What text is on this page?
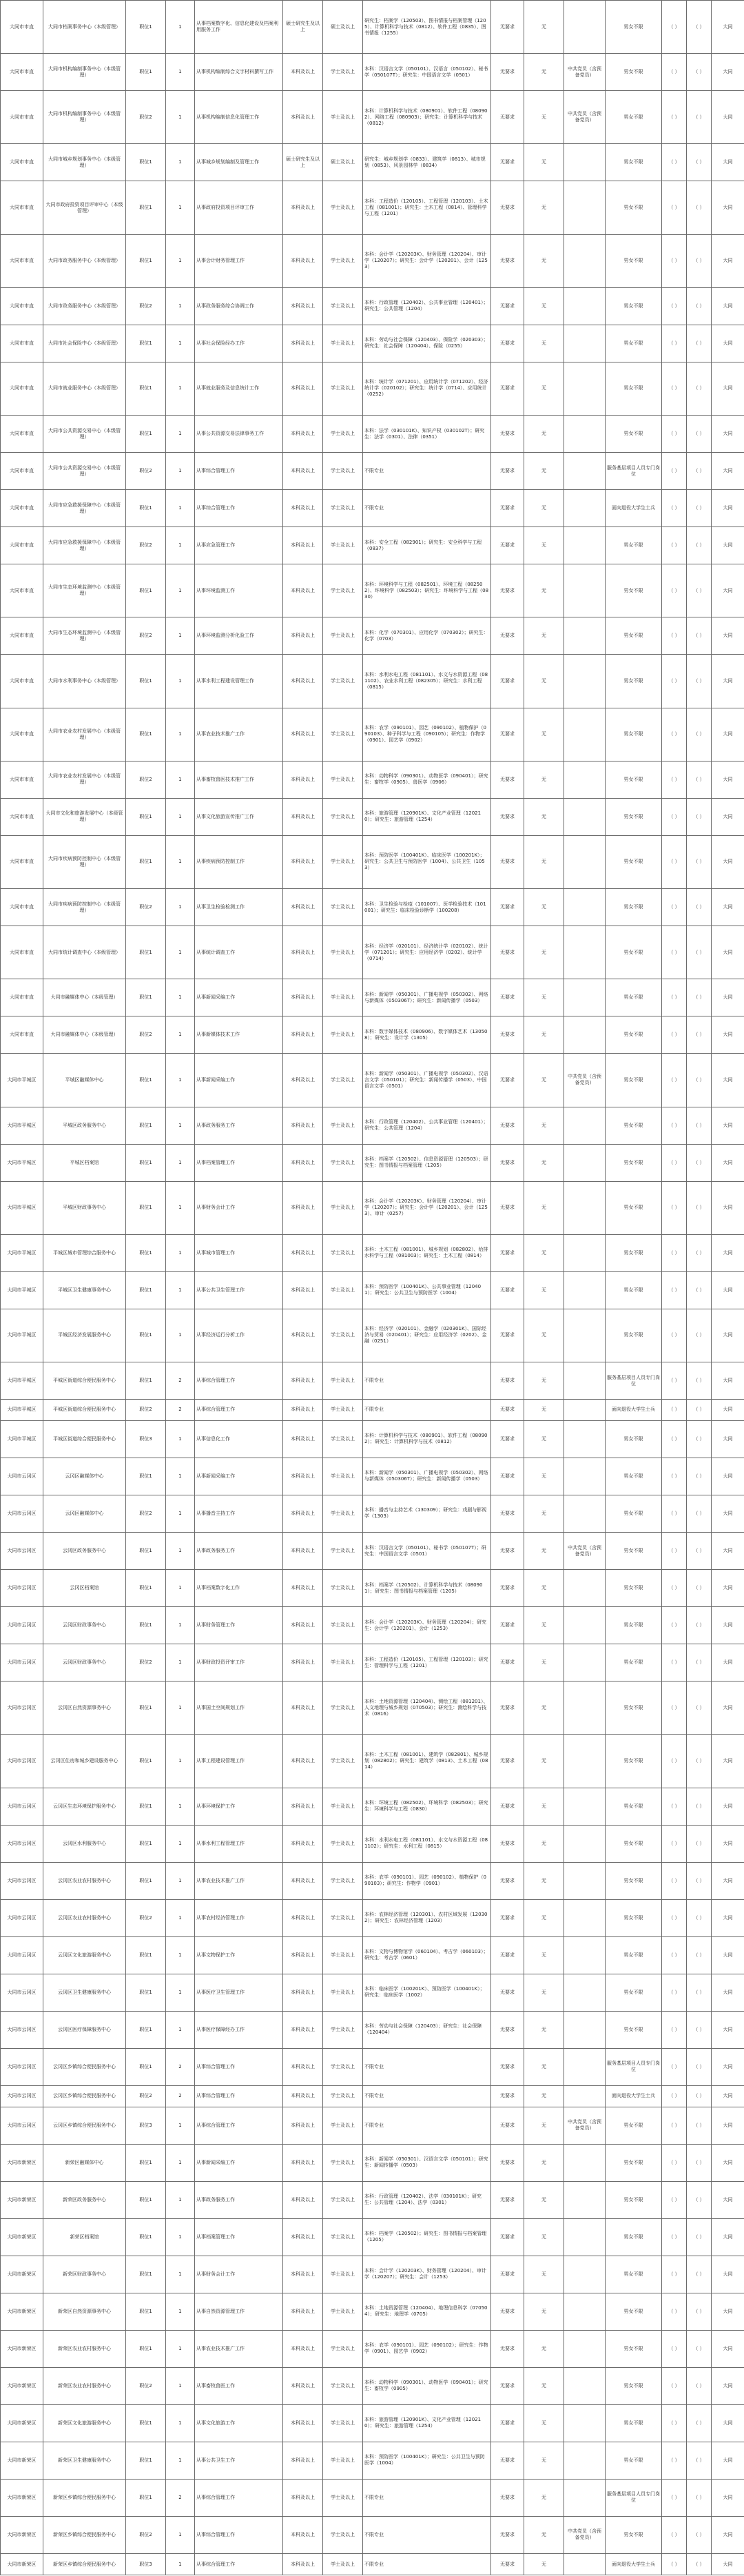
大同市市直	大同市档案事务中心（本级管理）	职位1	1	从事档案数字化、信息化建设及档案利用服务工作	硕士研究生及以上	硕士及以上	研究生：档案学（120503）、图书情报与档案管理（1205）、计算机科学与技术（0812）、软件工程（0835）、图书情报（1255）	无要求	无		男女不限	（ ）	（ ）	大同
大同市市直	大同市机构编制事务中心（本级管理）	职位1	1	从事机构编制综合文字材料撰写工作	本科及以上	学士及以上	本科：汉语言文学（050101）、汉语言（050102）、秘书学（050107T）；研究生：中国语言文学（0501）	无要求	无	中共党员（含预备党员）	男女不限	（ ）	（ ）	大同
大同市市直	大同市机构编制事务中心（本级管理）	职位2	1	从事机构编制信息化管理工作	本科及以上	学士及以上	本科：计算机科学与技术（080901）、软件工程（080902）、网络工程（080903）；研究生：计算机科学与技术（0812）	无要求	无	中共党员（含预备党员）	男女不限	（ ）	（ ）	大同
大同市市直	大同市城乡规划事务中心（本级管理）	职位1	1	从事城乡规划编制及管理工作	硕士研究生及以上	硕士及以上	研究生：城乡规划学（0833）、建筑学（0813）、城市规划（0853）、风景园林学（0834）	无要求	无		男女不限	（ ）	（ ）	大同
大同市市直	大同市政府投资项目评审中心（本级管理）	职位1	1	从事政府投资项目评审工作	本科及以上	学士及以上	本科：工程造价（120105）、工程管理（120103）、土木工程（081001）；研究生：土木工程（0814）、管理科学与工程（1201）	无要求	无		男女不限	（ ）	（ ）	大同
大同市市直	大同市政务服务中心（本级管理）	职位1	1	从事会计财务管理工作	本科及以上	学士及以上	本科：会计学（120203K）、财务管理（120204）、审计学（120207）；研究生：会计学（120201）、会计（1253）	无要求	无		男女不限	（ ）	（ ）	大同
大同市市直	大同市政务服务中心（本级管理）	职位2	1	从事政务服务综合协调工作	本科及以上	学士及以上	本科：行政管理（120402）、公共事业管理（120401）；研究生：公共管理（1204）	无要求	无		男女不限	（ ）	（ ）	大同
大同市市直	大同市社会保险中心（本级管理）	职位1	1	从事社会保险经办工作	本科及以上	学士及以上	本科：劳动与社会保障（120403）、保险学（020303）；研究生：社会保障（120404）、保险（0255）	无要求	无		男女不限	（ ）	（ ）	大同
大同市市直	大同市就业服务中心（本级管理）	职位1	1	从事就业服务及信息统计工作	本科及以上	学士及以上	本科：统计学（071201）、应用统计学（071202）、经济统计学（020102）；研究生：统计学（0714）、应用统计（0252）	无要求	无		男女不限	（ ）	（ ）	大同
大同市市直	大同市公共资源交易中心（本级管理）	职位1	1	从事公共资源交易法律事务工作	本科及以上	学士及以上	本科：法学（030101K）、知识产权（030102T）；研究生：法学（0301）、法律（0351）	无要求	无		男女不限	（ ）	（ ）	大同
大同市市直	大同市公共资源交易中心（本级管理）	职位2	1	从事综合管理工作	本科及以上	学士及以上	不限专业	无要求	无		服务基层项目人员专门岗位	（ ）	（ ）	大同
大同市市直	大同市应急救援保障中心（本级管理）	职位1	1	从事综合管理工作	本科及以上	学士及以上	不限专业	无要求	无		面向退役大学生士兵	（ ）	（ ）	大同
大同市市直	大同市应急救援保障中心（本级管理）	职位2	1	从事应急管理工作	本科及以上	学士及以上	本科：安全工程（082901）；研究生：安全科学与工程（0837）	无要求	无		男女不限	（ ）	（ ）	大同
大同市市直	大同市生态环境监测中心（本级管理）	职位1	1	从事环境监测工作	本科及以上	学士及以上	本科：环境科学与工程（082501）、环境工程（082502）、环境科学（082503）；研究生：环境科学与工程（0830）	无要求	无		男女不限	（ ）	（ ）	大同
大同市市直	大同市生态环境监测中心（本级管理）	职位2	1	从事环境监测分析化验工作	本科及以上	学士及以上	本科：化学（070301）、应用化学（070302）；研究生：化学（0703）	无要求	无		男女不限	（ ）	（ ）	大同
大同市市直	大同市水利事务中心（本级管理）	职位1	1	从事水利工程建设管理工作	本科及以上	学士及以上	本科：水利水电工程（081101）、水文与水资源工程（081102）、农业水利工程（082305）；研究生：水利工程（0815）	无要求	无		男女不限	（ ）	（ ）	大同
大同市市直	大同市农业农村发展中心（本级管理）	职位1	1	从事农业技术推广工作	本科及以上	学士及以上	本科：农学（090101）、园艺（090102）、植物保护（090103）、种子科学与工程（090105）；研究生：作物学（0901）、园艺学（0902）	无要求	无		男女不限	（ ）	（ ）	大同
大同市市直	大同市农业农村发展中心（本级管理）	职位2	1	从事畜牧兽医技术推广工作	本科及以上	学士及以上	本科：动物科学（090301）、动物医学（090401）；研究生：畜牧学（0905）、兽医学（0906）	无要求	无		男女不限	（ ）	（ ）	大同
大同市市直	大同市文化和旅游发展中心（本级管理）	职位1	1	从事文化旅游宣传推广工作	本科及以上	学士及以上	本科：旅游管理（120901K）、文化产业管理（120210）；研究生：旅游管理（1254）	无要求	无		男女不限	（ ）	（ ）	大同
大同市市直	大同市疾病预防控制中心（本级管理）	职位1	1	从事疾病预防控制工作	本科及以上	学士及以上	本科：预防医学（100401K）、临床医学（100201K）；研究生：公共卫生与预防医学（1004）、公共卫生（1053）	无要求	无		男女不限	（ ）	（ ）	大同
大同市市直	大同市疾病预防控制中心（本级管理）	职位2	1	从事卫生检验检测工作	本科及以上	学士及以上	本科：卫生检验与检疫（101007）、医学检验技术（101001）；研究生：临床检验诊断学（100208）	无要求	无		男女不限	（ ）	（ ）	大同
大同市市直	大同市统计调查中心（本级管理）	职位1	1	从事统计调查工作	本科及以上	学士及以上	本科：经济学（020101）、经济统计学（020102）、统计学（071201）；研究生：应用经济学（0202）、统计学（0714）	无要求	无		男女不限	（ ）	（ ）	大同
大同市市直	大同市融媒体中心（本级管理）	职位1	1	从事新闻采编工作	本科及以上	学士及以上	本科：新闻学（050301）、广播电视学（050302）、网络与新媒体（050306T）；研究生：新闻传播学（0503）	无要求	无		男女不限	（ ）	（ ）	大同
大同市市直	大同市融媒体中心（本级管理）	职位2	1	从事新媒体技术工作	本科及以上	学士及以上	本科：数字媒体技术（080906）、数字媒体艺术（130508）；研究生：设计学（1305）	无要求	无		男女不限	（ ）	（ ）	大同
大同市平城区	平城区融媒体中心	职位1	1	从事新闻采编工作	本科及以上	学士及以上	本科：新闻学（050301）、广播电视学（050302）、汉语言文学（050101）；研究生：新闻传播学（0503）、中国语言文学（0501）	无要求	无	中共党员（含预备党员）	男女不限	（ ）	（ ）	大同
大同市平城区	平城区政务服务中心	职位1	1	从事政务服务工作	本科及以上	学士及以上	本科：行政管理（120402）、公共事业管理（120401）；研究生：公共管理（1204）	无要求	无		男女不限	（ ）	（ ）	大同
大同市平城区	平城区档案馆	职位1	1	从事档案管理工作	本科及以上	学士及以上	本科：档案学（120502）、信息资源管理（120503）；研究生：图书情报与档案管理（1205）	无要求	无		男女不限	（ ）	（ ）	大同
大同市平城区	平城区财政事务中心	职位1	1	从事财务会计工作	本科及以上	学士及以上	本科：会计学（120203K）、财务管理（120204）、审计学（120207）；研究生：会计学（120201）、会计（1253）、审计（0257）	无要求	无		男女不限	（ ）	（ ）	大同
大同市平城区	平城区城市管理综合服务中心	职位1	1	从事城市管理工作	本科及以上	学士及以上	本科：土木工程（081001）、城乡规划（082802）、给排水科学与工程（081003）；研究生：土木工程（0814）	无要求	无		男女不限	（ ）	（ ）	大同
大同市平城区	平城区卫生健康事务中心	职位1	1	从事公共卫生管理工作	本科及以上	学士及以上	本科：预防医学（100401K）、公共事业管理（120401）；研究生：公共卫生与预防医学（1004）	无要求	无		男女不限	（ ）	（ ）	大同
大同市平城区	平城区经济发展服务中心	职位1	1	从事经济运行分析工作	本科及以上	学士及以上	本科：经济学（020101）、金融学（020301K）、国际经济与贸易（020401）；研究生：应用经济学（0202）、金融（0251）	无要求	无		男女不限	（ ）	（ ）	大同
大同市平城区	平城区街道综合便民服务中心	职位1	2	从事综合管理工作	本科及以上	学士及以上	不限专业	无要求	无		服务基层项目人员专门岗位	（ ）	（ ）	大同
大同市平城区	平城区街道综合便民服务中心	职位2	2	从事综合管理工作	本科及以上	学士及以上	不限专业	无要求	无		面向退役大学生士兵	（ ）	（ ）	大同
大同市平城区	平城区街道综合便民服务中心	职位3	1	从事信息化工作	本科及以上	学士及以上	本科：计算机科学与技术（080901）、软件工程（080902）；研究生：计算机科学与技术（0812）	无要求	无		男女不限	（ ）	（ ）	大同
大同市云冈区	云冈区融媒体中心	职位1	1	从事新闻采编工作	本科及以上	学士及以上	本科：新闻学（050301）、广播电视学（050302）、网络与新媒体（050306T）；研究生：新闻传播学（0503）	无要求	无		男女不限	（ ）	（ ）	大同
大同市云冈区	云冈区融媒体中心	职位2	1	从事播音主持工作	本科及以上	学士及以上	本科：播音与主持艺术（130309）；研究生：戏剧与影视学（1303）	无要求	无		男女不限	（ ）	（ ）	大同
大同市云冈区	云冈区政务服务中心	职位1	1	从事政务服务工作	本科及以上	学士及以上	本科：汉语言文学（050101）、秘书学（050107T）；研究生：中国语言文学（0501）	无要求	无	中共党员（含预备党员）	男女不限	（ ）	（ ）	大同
大同市云冈区	云冈区档案馆	职位1	1	从事档案数字化工作	本科及以上	学士及以上	本科：档案学（120502）、计算机科学与技术（080901）；研究生：图书情报与档案管理（1205）	无要求	无		男女不限	（ ）	（ ）	大同
大同市云冈区	云冈区财政事务中心	职位1	1	从事财务管理工作	本科及以上	学士及以上	本科：会计学（120203K）、财务管理（120204）；研究生：会计学（120201）、会计（1253）	无要求	无		男女不限	（ ）	（ ）	大同
大同市云冈区	云冈区财政事务中心	职位2	1	从事财政投资评审工作	本科及以上	学士及以上	本科：工程造价（120105）、工程管理（120103）；研究生：管理科学与工程（1201）	无要求	无		男女不限	（ ）	（ ）	大同
大同市云冈区	云冈区自然资源事务中心	职位1	1	从事国土空间规划工作	本科及以上	学士及以上	本科：土地资源管理（120404）、测绘工程（081201）、人文地理与城乡规划（070503）；研究生：测绘科学与技术（0816）	无要求	无		男女不限	（ ）	（ ）	大同
大同市云冈区	云冈区住房和城乡建设服务中心	职位1	1	从事工程建设管理工作	本科及以上	学士及以上	本科：土木工程（081001）、建筑学（082801）、城乡规划（082802）；研究生：建筑学（0813）、土木工程（0814）	无要求	无		男女不限	（ ）	（ ）	大同
大同市云冈区	云冈区生态环境保护服务中心	职位1	1	从事环境保护工作	本科及以上	学士及以上	本科：环境工程（082502）、环境科学（082503）；研究生：环境科学与工程（0830）	无要求	无		男女不限	（ ）	（ ）	大同
大同市云冈区	云冈区水利服务中心	职位1	1	从事水利工程管理工作	本科及以上	学士及以上	本科：水利水电工程（081101）、水文与水资源工程（081102）；研究生：水利工程（0815）	无要求	无		男女不限	（ ）	（ ）	大同
大同市云冈区	云冈区农业农村服务中心	职位1	1	从事农业技术推广工作	本科及以上	学士及以上	本科：农学（090101）、园艺（090102）、植物保护（090103）；研究生：作物学（0901）	无要求	无		男女不限	（ ）	（ ）	大同
大同市云冈区	云冈区农业农村服务中心	职位2	1	从事农村经济管理工作	本科及以上	学士及以上	本科：农林经济管理（120301）、农村区域发展（120302）；研究生：农林经济管理（1203）	无要求	无		男女不限	（ ）	（ ）	大同
大同市云冈区	云冈区文化旅游服务中心	职位1	1	从事文物保护工作	本科及以上	学士及以上	本科：文物与博物馆学（060104）、考古学（060103）；研究生：考古学（0601）	无要求	无		男女不限	（ ）	（ ）	大同
大同市云冈区	云冈区卫生健康服务中心	职位1	1	从事医疗卫生管理工作	本科及以上	学士及以上	本科：临床医学（100201K）、预防医学（100401K）；研究生：临床医学（1002）	无要求	无		男女不限	（ ）	（ ）	大同
大同市云冈区	云冈区医疗保障服务中心	职位1	1	从事医疗保障经办工作	本科及以上	学士及以上	本科：劳动与社会保障（120403）；研究生：社会保障（120404）	无要求	无		男女不限	（ ）	（ ）	大同
大同市云冈区	云冈区乡镇综合便民服务中心	职位1	2	从事综合管理工作	本科及以上	学士及以上	不限专业	无要求	无		服务基层项目人员专门岗位	（ ）	（ ）	大同
大同市云冈区	云冈区乡镇综合便民服务中心	职位2	2	从事综合管理工作	本科及以上	学士及以上	不限专业	无要求	无		面向退役大学生士兵	（ ）	（ ）	大同
大同市云冈区	云冈区乡镇综合便民服务中心	职位3	1	从事综合管理工作	本科及以上	学士及以上	不限专业	无要求	无	中共党员（含预备党员）	男女不限	（ ）	（ ）	大同
大同市新荣区	新荣区融媒体中心	职位1	1	从事新闻采编工作	本科及以上	学士及以上	本科：新闻学（050301）、汉语言文学（050101）；研究生：新闻传播学（0503）	无要求	无		男女不限	（ ）	（ ）	大同
大同市新荣区	新荣区政务服务中心	职位1	1	从事政务服务工作	本科及以上	学士及以上	本科：行政管理（120402）、法学（030101K）；研究生：公共管理（1204）、法学（0301）	无要求	无		男女不限	（ ）	（ ）	大同
大同市新荣区	新荣区档案馆	职位1	1	从事档案管理工作	本科及以上	学士及以上	本科：档案学（120502）；研究生：图书情报与档案管理（1205）	无要求	无		男女不限	（ ）	（ ）	大同
大同市新荣区	新荣区财政事务中心	职位1	1	从事财务会计工作	本科及以上	学士及以上	本科：会计学（120203K）、财务管理（120204）、审计学（120207）；研究生：会计（1253）	无要求	无		男女不限	（ ）	（ ）	大同
大同市新荣区	新荣区自然资源事务中心	职位1	1	从事自然资源管理工作	本科及以上	学士及以上	本科：土地资源管理（120404）、地理信息科学（070504）；研究生：地理学（0705）	无要求	无		男女不限	（ ）	（ ）	大同
大同市新荣区	新荣区农业农村服务中心	职位1	1	从事农业技术推广工作	本科及以上	学士及以上	本科：农学（090101）、园艺（090102）；研究生：作物学（0901）、园艺学（0902）	无要求	无		男女不限	（ ）	（ ）	大同
大同市新荣区	新荣区农业农村服务中心	职位2	1	从事畜牧兽医工作	本科及以上	学士及以上	本科：动物科学（090301）、动物医学（090401）；研究生：畜牧学（0905）	无要求	无		男女不限	（ ）	（ ）	大同
大同市新荣区	新荣区文化旅游服务中心	职位1	1	从事文化旅游工作	本科及以上	学士及以上	本科：旅游管理（120901K）、文化产业管理（120210）；研究生：旅游管理（1254）	无要求	无		男女不限	（ ）	（ ）	大同
大同市新荣区	新荣区卫生健康服务中心	职位1	1	从事公共卫生工作	本科及以上	学士及以上	本科：预防医学（100401K）；研究生：公共卫生与预防医学（1004）	无要求	无		男女不限	（ ）	（ ）	大同
大同市新荣区	新荣区乡镇综合便民服务中心	职位1	2	从事综合管理工作	本科及以上	学士及以上	不限专业	无要求	无		服务基层项目人员专门岗位	（ ）	（ ）	大同
大同市新荣区	新荣区乡镇综合便民服务中心	职位2	1	从事综合管理工作	本科及以上	学士及以上	不限专业	无要求	无	中共党员（含预备党员）	男女不限	（ ）	（ ）	大同
大同市新荣区	新荣区乡镇综合便民服务中心	职位3	1	从事综合管理工作	本科及以上	学士及以上	不限专业	无要求	无		面向退役大学生士兵	（ ）	（ ）	大同
